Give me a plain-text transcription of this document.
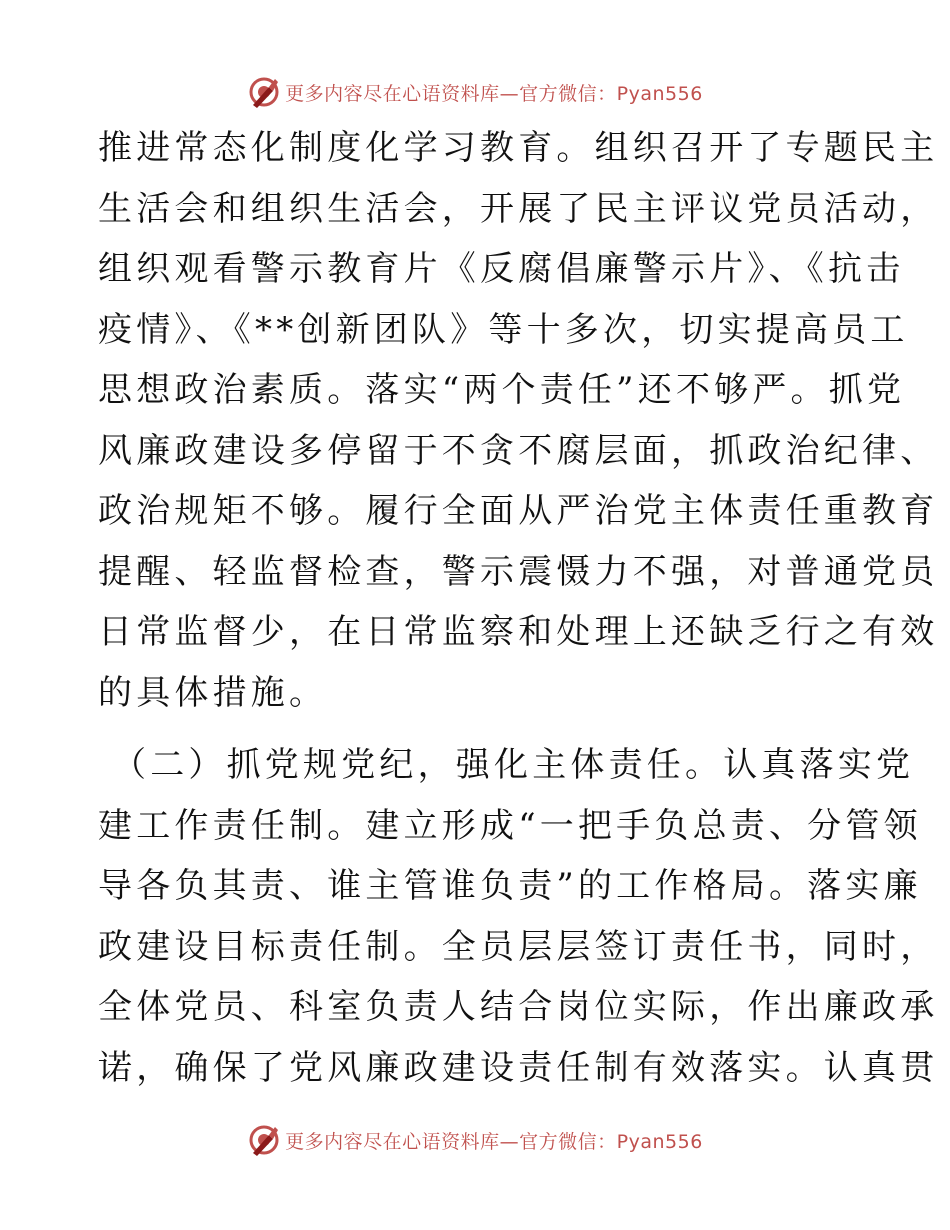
更多内容尽在心语资料库—官方微信：Pyan556
推进常态化制度化学习教育。组织召开了专题民主
生活会和组织生活会，开展了民主评议党员活动，
组织观看警示教育片《反腐倡廉警示片》、《抗击
疫情》、《**创新团队》等十多次，切实提高员工
思想政治素质。落实“两个责任”还不够严。抓党
风廉政建设多停留于不贪不腐层面，抓政治纪律、
政治规矩不够。履行全面从严治党主体责任重教育
提醒、轻监督检查，警示震慑力不强，对普通党员
日常监督少，在日常监察和处理上还缺乏行之有效
的具体措施。
（二）抓党规党纪，强化主体责任。认真落实党
建工作责任制。建立形成“一把手负总责、分管领
导各负其责、谁主管谁负责”的工作格局。落实廉
政建设目标责任制。全员层层签订责任书，同时，
全体党员、科室负责人结合岗位实际，作出廉政承
诺，确保了党风廉政建设责任制有效落实。认真贯
更多内容尽在心语资料库—官方微信：Pyan556
